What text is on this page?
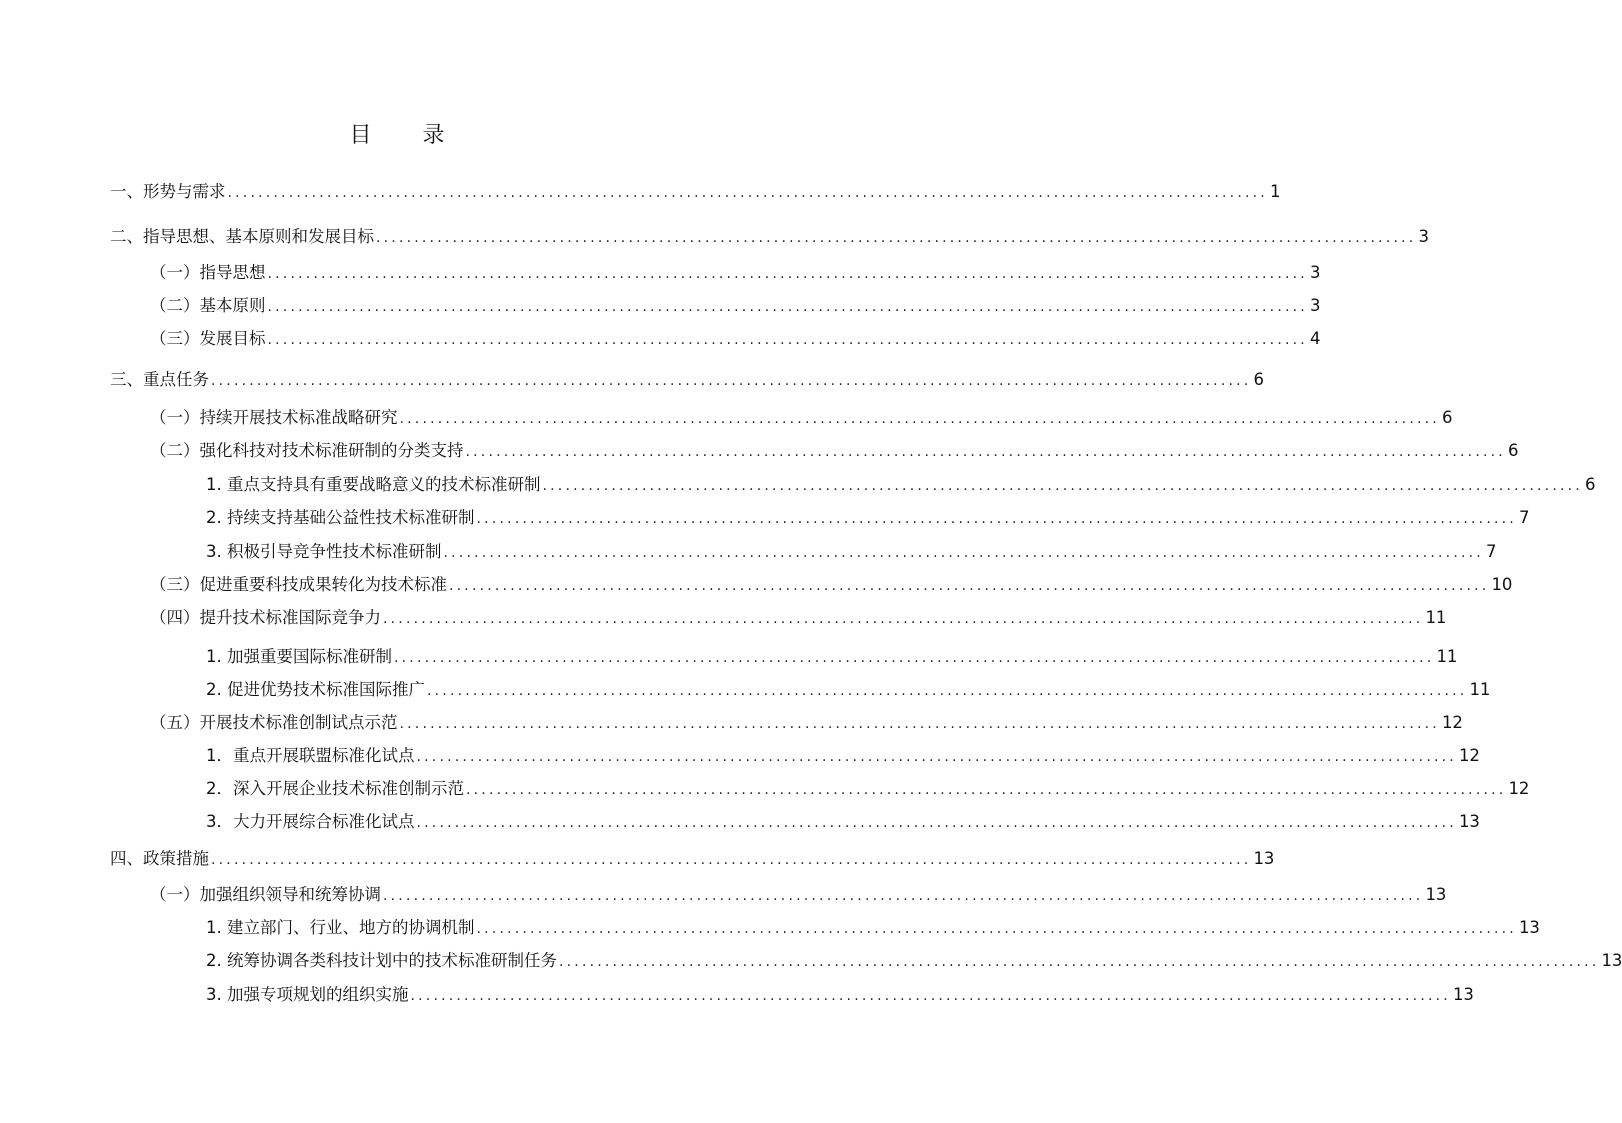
目 录
一、形势与需求 ........................................................................................................................................ 1
二、指导思想、基本原则和发展目标 ........................................................................................................................................ 3
（一）指导思想 ........................................................................................................................................ 3
（二）基本原则 ........................................................................................................................................ 3
（三）发展目标 ........................................................................................................................................ 4
三、重点任务 ........................................................................................................................................ 6
（一）持续开展技术标准战略研究 ........................................................................................................................................ 6
（二）强化科技对技术标准研制的分类支持 ........................................................................................................................................ 6
1. 重点支持具有重要战略意义的技术标准研制 ........................................................................................................................................ 6
2. 持续支持基础公益性技术标准研制 ........................................................................................................................................ 7
3. 积极引导竞争性技术标准研制 ........................................................................................................................................ 7
（三）促进重要科技成果转化为技术标准 ........................................................................................................................................ 10
（四）提升技术标准国际竞争力 ........................................................................................................................................ 11
1. 加强重要国际标准研制 ........................................................................................................................................ 11
2. 促进优势技术标准国际推广 ........................................................................................................................................ 11
（五）开展技术标准创制试点示范 ........................................................................................................................................ 12
1．重点开展联盟标准化试点 ........................................................................................................................................ 12
2．深入开展企业技术标准创制示范 ........................................................................................................................................ 12
3．大力开展综合标准化试点 ........................................................................................................................................ 13
四、政策措施 ........................................................................................................................................ 13
（一）加强组织领导和统筹协调 ........................................................................................................................................ 13
1. 建立部门、行业、地方的协调机制 ........................................................................................................................................ 13
2. 统筹协调各类科技计划中的技术标准研制任务 ........................................................................................................................................ 13
3. 加强专项规划的组织实施 ........................................................................................................................................ 13
